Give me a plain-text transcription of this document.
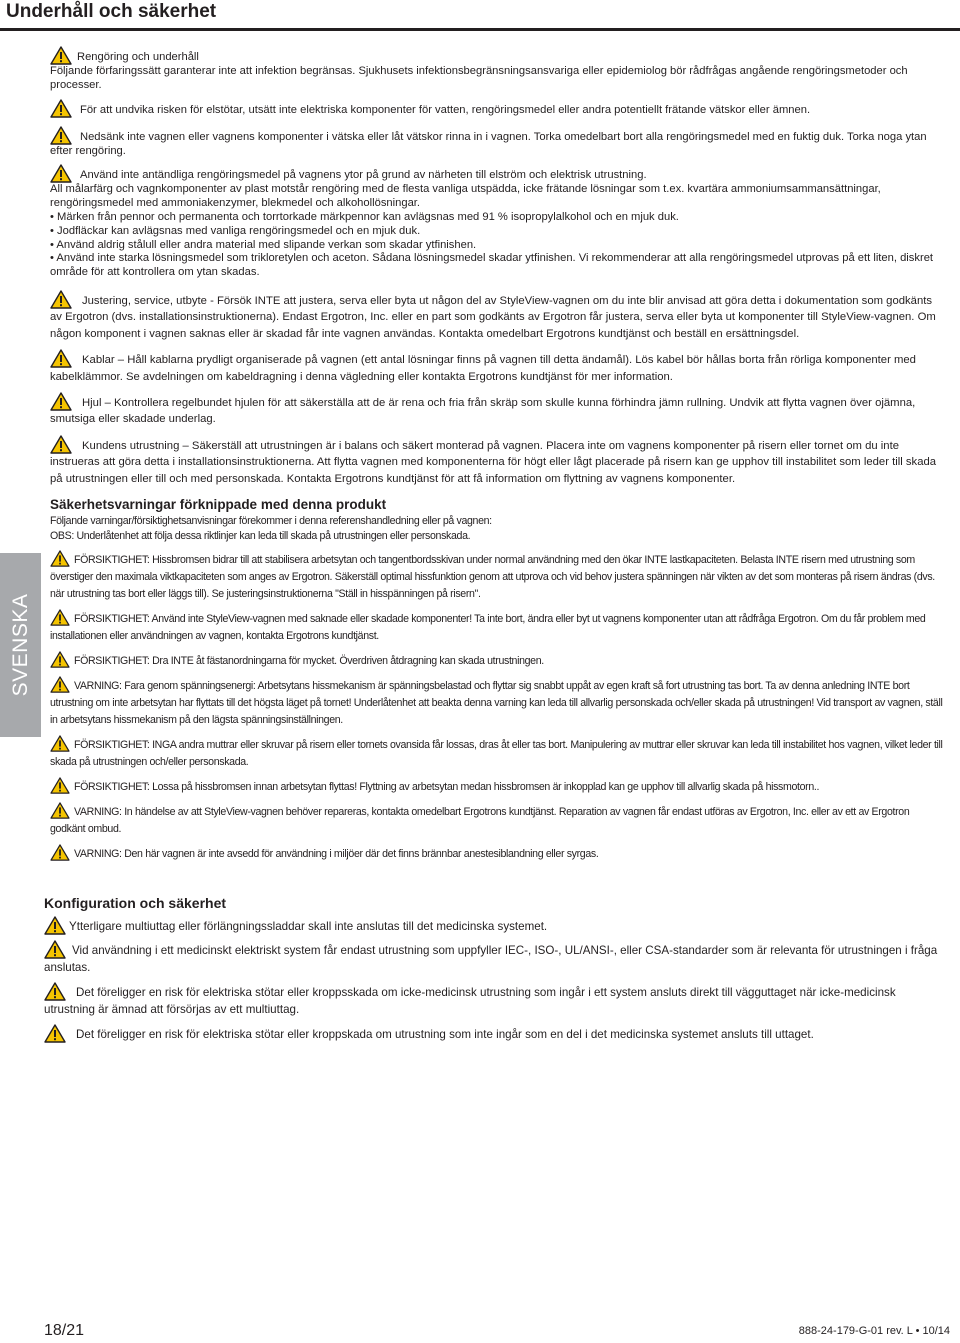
Underhåll och säkerhet
SVENSKA

Rengöring och underhåll

Följande förfaringssätt garanterar inte att infektion begränsas. Sjukhusets infektionsbegränsningsansvariga eller epidemiolog bör rådfrågas angående rengöringsmetoder och processer.

För att undvika risken för elstötar, utsätt inte elektriska komponenter för vatten, rengöringsmedel eller andra potentiellt frätande vätskor eller ämnen.

Nedsänk inte vagnen eller vagnens komponenter i vätska eller låt vätskor rinna in i vagnen. Torka omedelbart bort alla rengöringsmedel med en fuktig duk. Torka noga ytan efter rengöring.

Använd inte antändliga rengöringsmedel på vagnens ytor på grund av närheten till elström och elektrisk utrustning.

All målarfärg och vagnkomponenter av plast motstår rengöring med de flesta vanliga utspädda, icke frätande lösningar som t.ex. kvartära ammoniumsammansättningar, rengöringsmedel med ammoniakenzymer, blekmedel och alkohollösningar.

• Märken från pennor och permanenta och torrtorkade märkpennor kan avlägsnas med 91 % isopropylalkohol och en mjuk duk.

• Jodfläckar kan avlägsnas med vanliga rengöringsmedel och en mjuk duk.

• Använd aldrig stålull eller andra material med slipande verkan som skadar ytfinishen.

• Använd inte starka lösningsmedel som trikloretylen och aceton. Sådana lösningsmedel skadar ytfinishen. Vi rekommenderar att alla rengöringsmedel utprovas på ett liten, diskret område för att kontrollera om ytan skadas.

Justering, service, utbyte - Försök INTE att justera, serva eller byta ut någon del av StyleView-vagnen om du inte blir anvisad att göra detta i dokumentation som godkänts av Ergotron (dvs. installationsinstruktionerna). Endast Ergotron, Inc. eller en part som godkänts av Ergotron får justera, serva eller byta ut komponenter till StyleView-vagnen. Om någon komponent i vagnen saknas eller är skadad får inte vagnen användas. Kontakta omedelbart Ergotrons kundtjänst och beställ en ersättningsdel.

Kablar – Håll kablarna prydligt organiserade på vagnen (ett antal lösningar finns på vagnen till detta ändamål). Lös kabel bör hållas borta från rörliga komponenter med kabelklämmor. Se avdelningen om kabeldragning i denna vägledning eller kontakta Ergotrons kundtjänst för mer information.

Hjul – Kontrollera regelbundet hjulen för att säkerställa att de är rena och fria från skräp som skulle kunna förhindra jämn rullning. Undvik att flytta vagnen över ojämna, smutsiga eller skadade underlag.

Kundens utrustning – Säkerställ att utrustningen är i balans och säkert monterad på vagnen. Placera inte om vagnens komponenter på risern eller tornet om du inte instrueras att göra detta i installationsinstruktionerna. Att flytta vagnen med komponenterna för högt eller lågt placerade på risern kan ge upphov till instabilitet som leder till skada på utrustningen eller till och med personskada. Kontakta Ergotrons kundtjänst för att få information om flyttning av vagnens komponenter.

Säkerhetsvarningar förknippade med denna produkt

Följande varningar/försiktighetsanvisningar förekommer i denna referenshandledning eller på vagnen:

OBS: Underlåtenhet att följa dessa riktlinjer kan leda till skada på utrustningen eller personskada.

FÖRSIKTIGHET: Hissbromsen bidrar till att stabilisera arbetsytan och tangentbordsskivan under normal användning med den ökar INTE lastkapaciteten. Belasta INTE risern med utrustning som överstiger den maximala viktkapaciteten som anges av Ergotron. Säkerställ optimal hissfunktion genom att utprova och vid behov justera spänningen när vikten av det som monteras på risern ändras (dvs. när utrustning tas bort eller läggs till). Se justeringsinstruktionerna "Ställ in hisspänningen på risern".

FÖRSIKTIGHET: Använd inte StyleView-vagnen med saknade eller skadade komponenter! Ta inte bort, ändra eller byt ut vagnens komponenter utan att rådfråga Ergotron. Om du får problem med installationen eller användningen av vagnen, kontakta Ergotrons kundtjänst.

FÖRSIKTIGHET: Dra INTE åt fästanordningarna för mycket. Överdriven åtdragning kan skada utrustningen.

VARNING: Fara genom spänningsenergi: Arbetsytans hissmekanism är spänningsbelastad och flyttar sig snabbt uppåt av egen kraft så fort utrustning tas bort. Ta av denna anledning INTE bort utrustning om inte arbetsytan har flyttats till det högsta läget på tornet! Underlåtenhet att beakta denna varning kan leda till allvarlig personskada och/eller skada på utrustningen! Vid transport av vagnen, ställ in arbetsytans hissmekanism på den lägsta spänningsinställningen.

FÖRSIKTIGHET: INGA andra muttrar eller skruvar på risern eller tornets ovansida får lossas, dras åt eller tas bort. Manipulering av muttrar eller skruvar kan leda till instabilitet hos vagnen, vilket leder till skada på utrustningen och/eller personskada.

FÖRSIKTIGHET: Lossa på hissbromsen innan arbetsytan flyttas! Flyttning av arbetsytan medan hissbromsen är inkopplad kan ge upphov till allvarlig skada på hissmotorn..

VARNING: In händelse av att StyleView-vagnen behöver repareras, kontakta omedelbart Ergotrons kundtjänst. Reparation av vagnen får endast utföras av Ergotron, Inc. eller av ett av Ergotron godkänt ombud.

VARNING: Den här vagnen är inte avsedd för användning i miljöer där det finns brännbar anestesiblandning eller syrgas.

Konfiguration och säkerhet

Ytterligare multiuttag eller förlängningssladdar skall inte anslutas till det medicinska systemet.

Vid användning i ett medicinskt elektriskt system får endast utrustning som uppfyller IEC-, ISO-, UL/ANSI-, eller CSA-standarder som är relevanta för utrustningen i fråga anslutas.

Det föreligger en risk för elektriska stötar eller kroppsskada om icke-medicinsk utrustning som ingår i ett system ansluts direkt till vägguttaget när icke-medicinsk utrustning är ämnad att försörjas av ett multiuttag.

Det föreligger en risk för elektriska stötar eller kroppskada om utrustning som inte ingår som en del i det medicinska systemet ansluts till uttaget.

18/21	888-24-179-G-01 rev. L • 10/14
